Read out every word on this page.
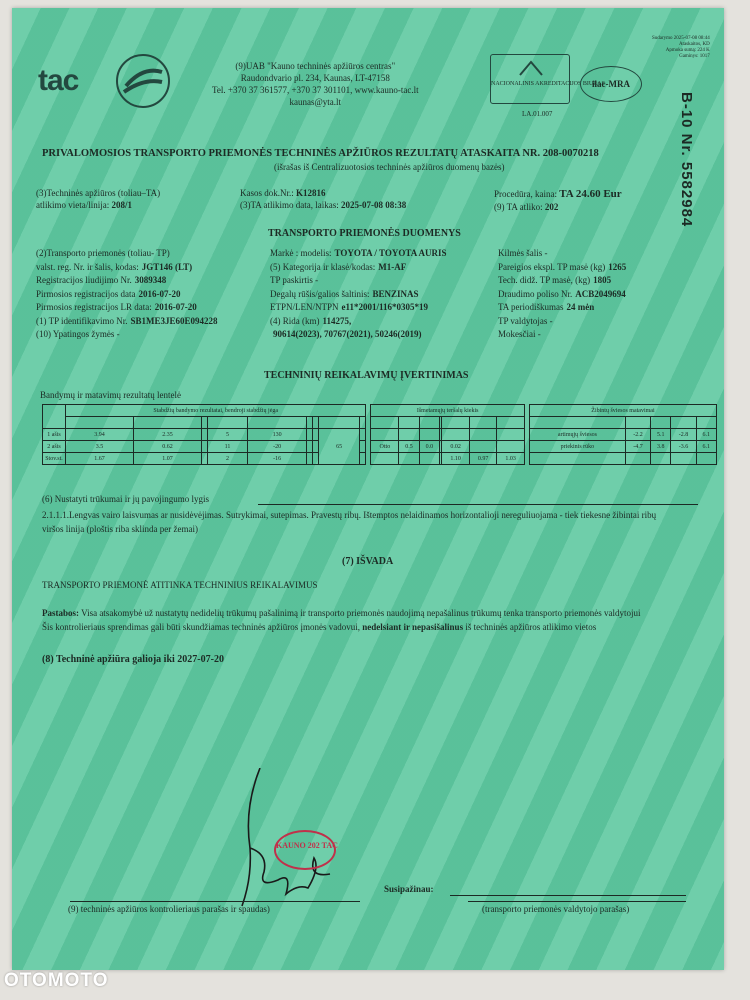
tac	(9)UAB "Kauno techninės apžiūros centras"
Raudondvario pl. 234, Kaunas, LT-47158
Tel. +370 37 361577, +370 37 301101, www.kauno-tac.lt
kaunas@yta.lt
NACIONALINIS AKREDITACIJOS BIURAS
ilac-MRA
LA.01.007
Sudarymo 2025-07-08 08:44
Ataskaitos, KD
Apmoka sumą: 224 K
Gaminys: 1017
B-10 Nr. 5582984
PRIVALOMOSIOS TRANSPORTO PRIEMONĖS TECHNINĖS APŽIŪROS REZULTATŲ ATASKAITA NR. 208-0070218
(išrašas iš Centralizuotosios techninės apžiūros duomenų bazės)
(3)Techninės apžiūros (toliau–TA)
atlikimo vieta/linija: 208/1
Kasos dok.Nr.: K12816
(3)TA atlikimo data, laikas: 2025-07-08 08:38
Procedūra, kaina: TA 24.60 Eur
(9) TA atliko: 202
TRANSPORTO PRIEMONĖS DUOMENYS
(2)Transporto priemonės (toliau- TP)
valst. reg. Nr. ir šalis, kodas: JGT146 (LT)
Registracijos liudijimo Nr. 3089348
Pirmosios registracijos data 2016-07-20
Pirmosios registracijos LR data: 2016-07-20
(1) TP identifikavimo Nr. SB1ME3JE60E094228
(10) Ypatingos žymės -
Markė : modelis: TOYOTA / TOYOTA AURIS
(5) Kategorija ir klasė/kodas: M1-AF
TP paskirtis -
Degalų rūšis/galios šaltinis: BENZINAS
ETPN/LEN/NTPN e11*2001/116*0305*19
(4) Rida (km) 114275,
90614(2023), 70767(2021), 50246(2019)
Kilmės šalis -
Pareigios ekspl. TP masė (kg) 1265
Tech. didž. TP masė, (kg) 1805
Draudimo poliso Nr. ACB2049694
TA periodiškumas 24 mėn
TP valdytojas -
Mokesčiai -
TECHNINIŲ REIKALAVIMŲ ĮVERTINIMAS
Bandymų ir matavimų rezultatų lentelė
	Stabdžių bandymo rezultatai, bendroji stabdžių jėga										Išmetamųjų teršalų kiekis								Žibintų šviesos matavimai				

1 ašis	3.94	2.35		5	130			65											artimųjų šviesos	-2.2	5.1	-2.8	6.1
2 ašis	3.5	0.62		11	-20						Otto	0.5	0.0		0.02				priekinis rūko	-4.7	3.8	-3.6	6.1
Stov.st.	1.67	1.07		2	-16										1.10	0.97	1.03						
(6) Nustatyti trūkumai ir jų pavojingumo lygis
2.1.1.1.Lengvas vairo laisvumas ar nusidėvėjimas. Sutrykimai, sutepimas. Pravestų ribų. Ištemptos nelaidinamos horizontalioji nereguliuojama - tiek tiekesne žibintai ribų
viršos linija (ploštis riba sklinda per žemai)
(7) IŠVADA
TRANSPORTO PRIEMONĖ ATITINKA TECHNINIUS REIKALAVIMUS
Pastabos: Visa atsakomybė už nustatytų nedidelių trūkumų pašalinimą ir transporto priemonės naudojimą nepašalinus trūkumų tenka transporto priemonės valdytojui
Šis kontrolieriaus sprendimas gali būti skundžiamas techninės apžiūros įmonės vadovui, nedelsiant ir nepasišalinus iš techninės apžiūros atlikimo vietos
(8) Techninė apžiūra galioja iki 2027-07-20
KAUNO 202 TAC
Susipažinau:
(9) techninės apžiūros kontrolieriaus parašas ir spaudas)	(transporto priemonės valdytojo parašas)
OTOMOTO
